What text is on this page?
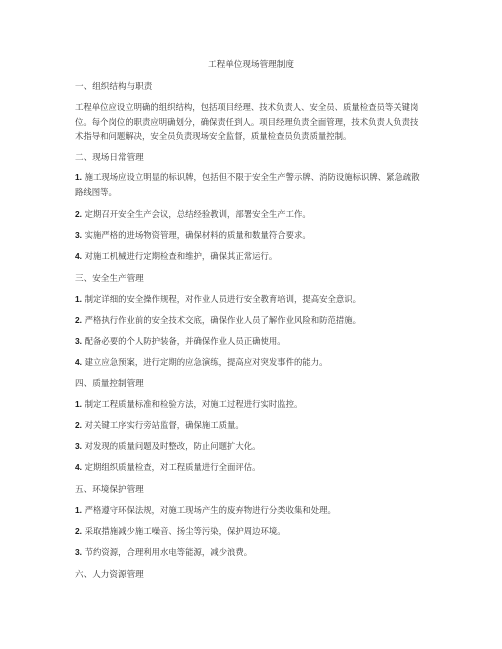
工程单位现场管理制度
一、组织结构与职责
工程单位应设立明确的组织结构，包括项目经理、技术负责人、安全员、质量检查员等关键岗位。每个岗位的职责应明确划分，确保责任到人。项目经理负责全面管理，技术负责人负责技术指导和问题解决，安全员负责现场安全监督，质量检查员负责质量控制。
二、现场日常管理
1. 施工现场应设立明显的标识牌，包括但不限于安全生产警示牌、消防设施标识牌、紧急疏散路线图等。
2. 定期召开安全生产会议，总结经验教训，部署安全生产工作。
3. 实施严格的进场物资管理，确保材料的质量和数量符合要求。
4. 对施工机械进行定期检查和维护，确保其正常运行。
三、安全生产管理
1. 制定详细的安全操作规程，对作业人员进行安全教育培训，提高安全意识。
2. 严格执行作业前的安全技术交底，确保作业人员了解作业风险和防范措施。
3. 配备必要的个人防护装备，并确保作业人员正确使用。
4. 建立应急预案，进行定期的应急演练，提高应对突发事件的能力。
四、质量控制管理
1. 制定工程质量标准和检验方法，对施工过程进行实时监控。
2. 对关键工序实行旁站监督，确保施工质量。
3. 对发现的质量问题及时整改，防止问题扩大化。
4. 定期组织质量检查，对工程质量进行全面评估。
五、环境保护管理
1. 严格遵守环保法规，对施工现场产生的废弃物进行分类收集和处理。
2. 采取措施减少施工噪音、扬尘等污染，保护周边环境。
3. 节约资源，合理利用水电等能源，减少浪费。
六、人力资源管理
